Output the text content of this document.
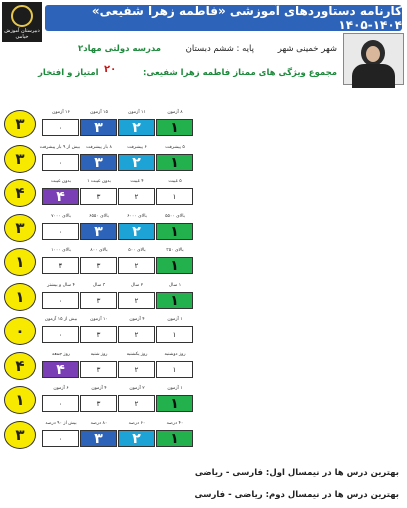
دبیرستان آموزش خیامی
کارنامه دستاوردهای آموزشی «فاطمه زهرا شفیعی» ۱۴۰۴-۱۴۰۵
شهر خمینی شهر
پایه : ششم دبستان
مدرسه دولتی مهاد۲
مجموع ویژگی های ممتاز فاطمه زهرا شفیعی:
۲۰
امتیاز و افتخار
۳
۱۶ آزمون
۰
۱۵ آزمون
۳
۱۱ آزمون
۲
۸ آزمون
۱
۳
بیش از ۹ بار پیشرفت
۰
۸ بار پیشرفت
۳
۶ پیشرفت
۲
۵ پیشرفت
۱
۴
بدون غیبت
۴
بدون غیبت ۱
۳
۴ غیبت
۲
۵ غیبت
۱
۳
بالای ۷۰۰۰
۰
بالای ۶۵۵۰
۳
بالای ۶۰۰۰
۲
بالای ۵۵۰۰
۱
۱
بالای ۱۰۰۰
۴
بالای ۸۰۰
۳
بالای ۵۰۰
۲
بالای ۳۵۰
۱
۱
۴ سال و بیشتر
۰
۳ سال
۳
۲ سال
۲
۱ سال
۱
۰
بیش از ۱۵ آزمون
۰
۱۰ آزمون
۳
۴ آزمون
۲
۱ آزمون
۱
۴
روز جمعه
۴
روز شنبه
۳
روز یکشنبه
۲
روز دوشنبه
۱
۱
۶ آزمون
۰
۴ آزمون
۳
۲ آزمون
۲
۱ آزمون
۱
۳
بیش از ۹۰ درصد
۰
۸۰ درصد
۳
۶۰ درصد
۲
۴۰ درصد
۱
بهترین درس ها در نیمسال اول: فارسی - ریاضی
بهترین درس ها در نیمسال دوم: ریاضی - فارسی
